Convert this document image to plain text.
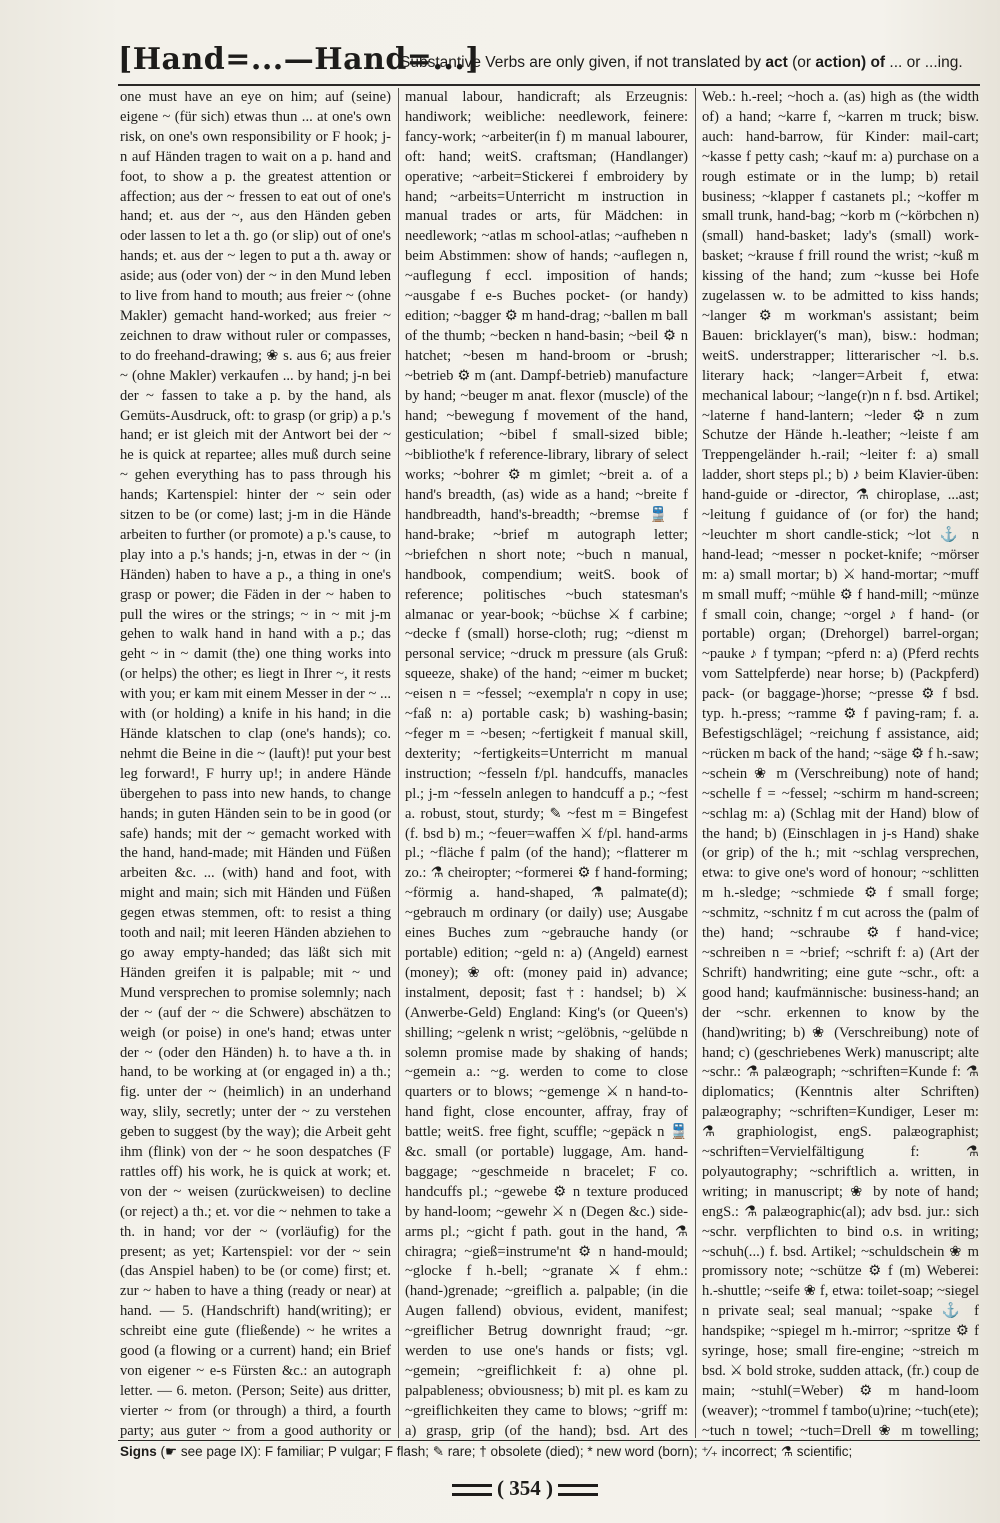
[Hand=...—Hand=...]
Substantive Verbs are only given, if not translated by act (or action) of ... or ...ing.
one must have an eye on him; auf (seine) eigene ~ (für sich) etwas thun ... at one's own risk, on one's own responsibility or F hook; j-n auf Händen tragen to wait on a p. hand and foot, to show a p. the greatest attention or affection; aus der ~ fressen to eat out of one's hand; et. aus der ~, aus den Händen geben oder lassen to let a th. go (or slip) out of one's hands; et. aus der ~ legen to put a th. away or aside; aus (oder von) der ~ in den Mund leben to live from hand to mouth; aus freier ~ (ohne Makler) gemacht hand-worked; aus freier ~ zeichnen to draw without ruler or compasses, to do freehand-drawing; ❀ s. aus 6; aus freier ~ (ohne Makler) verkaufen ... by hand; j-n bei der ~ fassen to take a p. by the hand, als Gemüts-Ausdruck, oft: to grasp (or grip) a p.'s hand; er ist gleich mit der Antwort bei der ~ he is quick at repartee; alles muß durch seine ~ gehen everything has to pass through his hands; Kartenspiel: hinter der ~ sein oder sitzen to be (or come) last; j-m in die Hände arbeiten to further (or promote) a p.'s cause, to play into a p.'s hands; j-n, etwas in der ~ (in Händen) haben to have a p., a thing in one's grasp or power; die Fäden in der ~ haben to pull the wires or the strings; ~ in ~ mit j-m gehen to walk hand in hand with a p.; das geht ~ in ~ damit (the) one thing works into (or helps) the other; es liegt in Ihrer ~, it rests with you; er kam mit einem Messer in der ~ ... with (or holding) a knife in his hand; in die Hände klatschen to clap (one's hands); co. nehmt die Beine in die ~ (lauft)! put your best leg forward!, F hurry up!; in andere Hände übergehen to pass into new hands, to change hands; in guten Händen sein to be in good (or safe) hands; mit der ~ gemacht worked with the hand, hand-made; mit Händen und Füßen arbeiten &c. ... (with) hand and foot, with might and main; sich mit Händen und Füßen gegen etwas stemmen, oft: to resist a thing tooth and nail; mit leeren Händen abziehen to go away empty-handed; das läßt sich mit Händen greifen it is palpable; mit ~ und Mund versprechen to promise solemnly; nach der ~ (auf der ~ die Schwere) abschätzen to weigh (or poise) in one's hand; etwas unter der ~ (oder den Händen) h. to have a th. in hand, to be working at (or engaged in) a th.; fig. unter der ~ (heimlich) in an underhand way, slily, secretly; unter der ~ zu verstehen geben to suggest (by the way); die Arbeit geht ihm (flink) von der ~ he soon despatches (F rattles off) his work, he is quick at work; et. von der ~ weisen (zurückweisen) to decline (or reject) a th.; et. vor die ~ nehmen to take a th. in hand; vor der ~ (vorläufig) for the present; as yet; Kartenspiel: vor der ~ sein (das Anspiel haben) to be (or come) first; et. zur ~ haben to have a thing (ready or near) at hand. — 5. (Handschrift) hand(writing); er schreibt eine gute (fließende) ~ he writes a good (a flowing or a current) hand; ein Brief von eigener ~ e-s Fürsten &c.: an autograph letter. — 6. meton. (Person; Seite) aus dritter, vierter ~ from (or through) a third, a fourth party; aus guter ~ from a good authority or
manual labour, handicraft; als Erzeugnis: handiwork; weibliche: needlework, feinere: fancy-work; ~arbeiter(in f) m manual labourer, oft: hand; weitS. craftsman; (Handlanger) operative; ~arbeit=Stickerei f embroidery by hand; ~arbeits=Unterricht m instruction in manual trades or arts, für Mädchen: in needlework; ~atlas m school-atlas; ~aufheben n beim Abstimmen: show of hands; ~auflegen n, ~auflegung f eccl. imposition of hands; ~ausgabe f e-s Buches pocket- (or handy) edition; ~bagger ⚙ m hand-drag; ~ballen m ball of the thumb; ~becken n hand-basin; ~beil ⚙ n hatchet; ~besen m hand-broom or -brush; ~betrieb ⚙ m (ant. Dampf-betrieb) manufacture by hand; ~beuger m anat. flexor (muscle) of the hand; ~bewegung f movement of the hand, gesticulation; ~bibel f small-sized bible; ~bibliothe'k f reference-library, library of select works; ~bohrer ⚙ m gimlet; ~breit a. of a hand's breadth, (as) wide as a hand; ~breite f handbreadth, hand's-breadth; ~bremse 🚆 f hand-brake; ~brief m autograph letter; ~briefchen n short note; ~buch n manual, handbook, compendium; weitS. book of reference; politisches ~buch statesman's almanac or year-book; ~büchse ⚔ f carbine; ~decke f (small) horse-cloth; rug; ~dienst m personal service; ~druck m pressure (als Gruß: squeeze, shake) of the hand; ~eimer m bucket; ~eisen n = ~fessel; ~exempla'r n copy in use; ~faß n: a) portable cask; b) washing-basin; ~feger m = ~besen; ~fertigkeit f manual skill, dexterity; ~fertigkeits=Unterricht m manual instruction; ~fesseln f/pl. handcuffs, manacles pl.; j-m ~fesseln anlegen to handcuff a p.; ~fest a. robust, stout, sturdy; ✎ ~fest m = Bingefest (f. bsd b) m.; ~feuer=waffen ⚔ f/pl. hand-arms pl.; ~fläche f palm (of the hand); ~flatterer m zo.: ⚗ cheiropter; ~formerei ⚙ f hand-forming; ~förmig a. hand-shaped, ⚗ palmate(d); ~gebrauch m ordinary (or daily) use; Ausgabe eines Buches zum ~gebrauche handy (or portable) edition; ~geld n: a) (Angeld) earnest (money); ❀ oft: (money paid in) advance; instalment, deposit; fast †: handsel; b) ⚔ (Anwerbe-Geld) England: King's (or Queen's) shilling; ~gelenk n wrist; ~gelöbnis, ~gelübde n solemn promise made by shaking of hands; ~gemein a.: ~g. werden to come to close quarters or to blows; ~gemenge ⚔ n hand-to-hand fight, close encounter, affray, fray of battle; weitS. free fight, scuffle; ~gepäck n 🚆 &c. small (or portable) luggage, Am. hand-baggage; ~geschmeide n bracelet; F co. handcuffs pl.; ~gewebe ⚙ n texture produced by hand-loom; ~gewehr ⚔ n (Degen &c.) side-arms pl.; ~gicht f path. gout in the hand, ⚗ chiragra; ~gieß=instrume'nt ⚙ n hand-mould; ~glocke f h.-bell; ~granate ⚔ f ehm.: (hand-)grenade; ~greiflich a. palpable; (in die Augen fallend) obvious, evident, manifest; ~greiflicher Betrug downright fraud; ~gr. werden to use one's hands or fists; vgl. ~gemein; ~greiflichkeit f: a) ohne pl. palpableness; obviousness; b) mit pl. es kam zu ~greiflichkeiten they came to blows; ~griff m: a) grasp, grip (of the hand); bsd. Art des
Web.: h.-reel; ~hoch a. (as) high as (the width of) a hand; ~karre f, ~karren m truck; bisw. auch: hand-barrow, für Kinder: mail-cart; ~kasse f petty cash; ~kauf m: a) purchase on a rough estimate or in the lump; b) retail business; ~klapper f castanets pl.; ~koffer m small trunk, hand-bag; ~korb m (~körbchen n) (small) hand-basket; lady's (small) work-basket; ~krause f frill round the wrist; ~kuß m kissing of the hand; zum ~kusse bei Hofe zugelassen w. to be admitted to kiss hands; ~langer ⚙ m workman's assistant; beim Bauen: bricklayer('s man), bisw.: hodman; weitS. understrapper; litterarischer ~l. b.s. literary hack; ~langer=Arbeit f, etwa: mechanical labour; ~lange(r)n n f. bsd. Artikel; ~laterne f hand-lantern; ~leder ⚙ n zum Schutze der Hände h.-leather; ~leiste f am Treppengeländer h.-rail; ~leiter f: a) small ladder, short steps pl.; b) ♪ beim Klavier-üben: hand-guide or -director, ⚗ chiroplase, ...ast; ~leitung f guidance of (or for) the hand; ~leuchter m short candle-stick; ~lot ⚓ n hand-lead; ~messer n pocket-knife; ~mörser m: a) small mortar; b) ⚔ hand-mortar; ~muff m small muff; ~mühle ⚙ f hand-mill; ~münze f small coin, change; ~orgel ♪ f hand- (or portable) organ; (Drehorgel) barrel-organ; ~pauke ♪ f tympan; ~pferd n: a) (Pferd rechts vom Sattelpferde) near horse; b) (Packpferd) pack- (or baggage-)horse; ~presse ⚙ f bsd. typ. h.-press; ~ramme ⚙ f paving-ram; f. a. Befestigschlägel; ~reichung f assistance, aid; ~rücken m back of the hand; ~säge ⚙ f h.-saw; ~schein ❀ m (Verschreibung) note of hand; ~schelle f = ~fessel; ~schirm m hand-screen; ~schlag m: a) (Schlag mit der Hand) blow of the hand; b) (Einschlagen in j-s Hand) shake (or grip) of the h.; mit ~schlag versprechen, etwa: to give one's word of honour; ~schlitten m h.-sledge; ~schmiede ⚙ f small forge; ~schmitz, ~schnitz f m cut across the (palm of the) hand; ~schraube ⚙ f hand-vice; ~schreiben n = ~brief; ~schrift f: a) (Art der Schrift) handwriting; eine gute ~schr., oft: a good hand; kaufmännische: business-hand; an der ~schr. erkennen to know by the (hand)writing; b) ❀ (Verschreibung) note of hand; c) (geschriebenes Werk) manuscript; alte ~schr.: ⚗ palæograph; ~schriften=Kunde f: ⚗ diplomatics; (Kenntnis alter Schriften) palæography; ~schriften=Kundiger, Leser m: ⚗ graphiologist, engS. palæographist; ~schriften=Vervielfältigung f: ⚗ polyautography; ~schriftlich a. written, in writing; in manuscript; ❀ by note of hand; engS.: ⚗ palæographic(al); adv bsd. jur.: sich ~schr. verpflichten to bind o.s. in writing; ~schuh(...) f. bsd. Artikel; ~schuldschein ❀ m promissory note; ~schütze ⚙ f (m) Weberei: h.-shuttle; ~seife ❀ f, etwa: toilet-soap; ~siegel n private seal; seal manual; ~spake ⚓ f handspike; ~spiegel m h.-mirror; ~spritze ⚙ f syringe, hose; small fire-engine; ~streich m bsd. ⚔ bold stroke, sudden attack, (fr.) coup de main; ~stuhl(=Weber) ⚙ m hand-loom (weaver); ~trommel f tambo(u)rine; ~tuch(ete); ~tuch n towel; ~tuch=Drell ❀ m towelling;
Signs (☛ see page IX): F familiar; P vulgar; F flash; ✎ rare; † obsolete (died); * new word (born); ⁺⁄₊ incorrect; ⚗ scientific;
( 354 )
